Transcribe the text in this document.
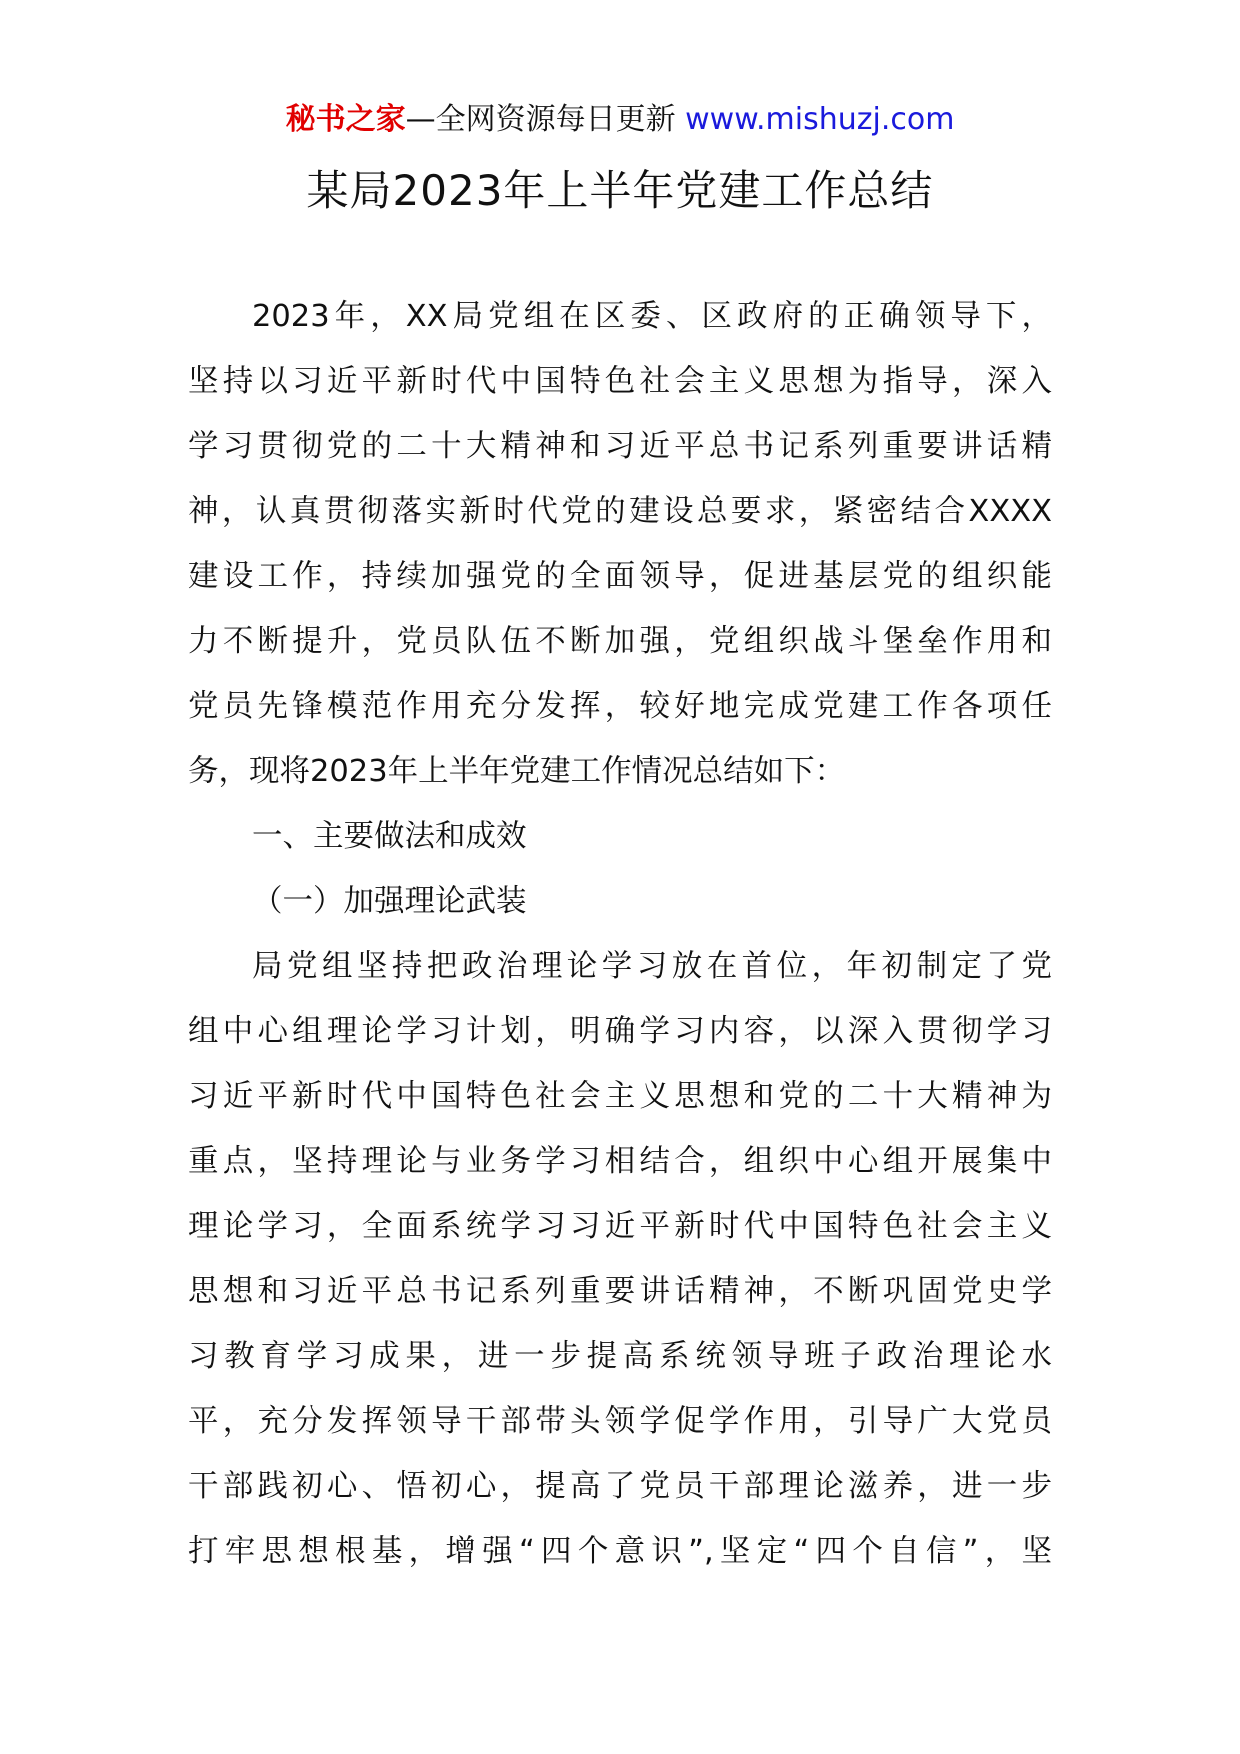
秘书之家—全网资源每日更新 www.mishuzj.com
某局2023年上半年党建工作总结
2023年，XX局党组在区委、区政府的正确领导下，
坚持以习近平新时代中国特色社会主义思想为指导，深入
学习贯彻党的二十大精神和习近平总书记系列重要讲话精
神，认真贯彻落实新时代党的建设总要求，紧密结合XXXX
建设工作，持续加强党的全面领导，促进基层党的组织能
力不断提升，党员队伍不断加强，党组织战斗堡垒作用和
党员先锋模范作用充分发挥，较好地完成党建工作各项任
务，现将2023年上半年党建工作情况总结如下：
一、主要做法和成效
（一）加强理论武装
局党组坚持把政治理论学习放在首位，年初制定了党
组中心组理论学习计划，明确学习内容，以深入贯彻学习
习近平新时代中国特色社会主义思想和党的二十大精神为
重点，坚持理论与业务学习相结合，组织中心组开展集中
理论学习，全面系统学习习近平新时代中国特色社会主义
思想和习近平总书记系列重要讲话精神，不断巩固党史学
习教育学习成果，进一步提高系统领导班子政治理论水
平，充分发挥领导干部带头领学促学作用，引导广大党员
干部践初心、悟初心，提高了党员干部理论滋养，进一步
打牢思想根基，增强“四个意识”,坚定“四个自信”，坚
